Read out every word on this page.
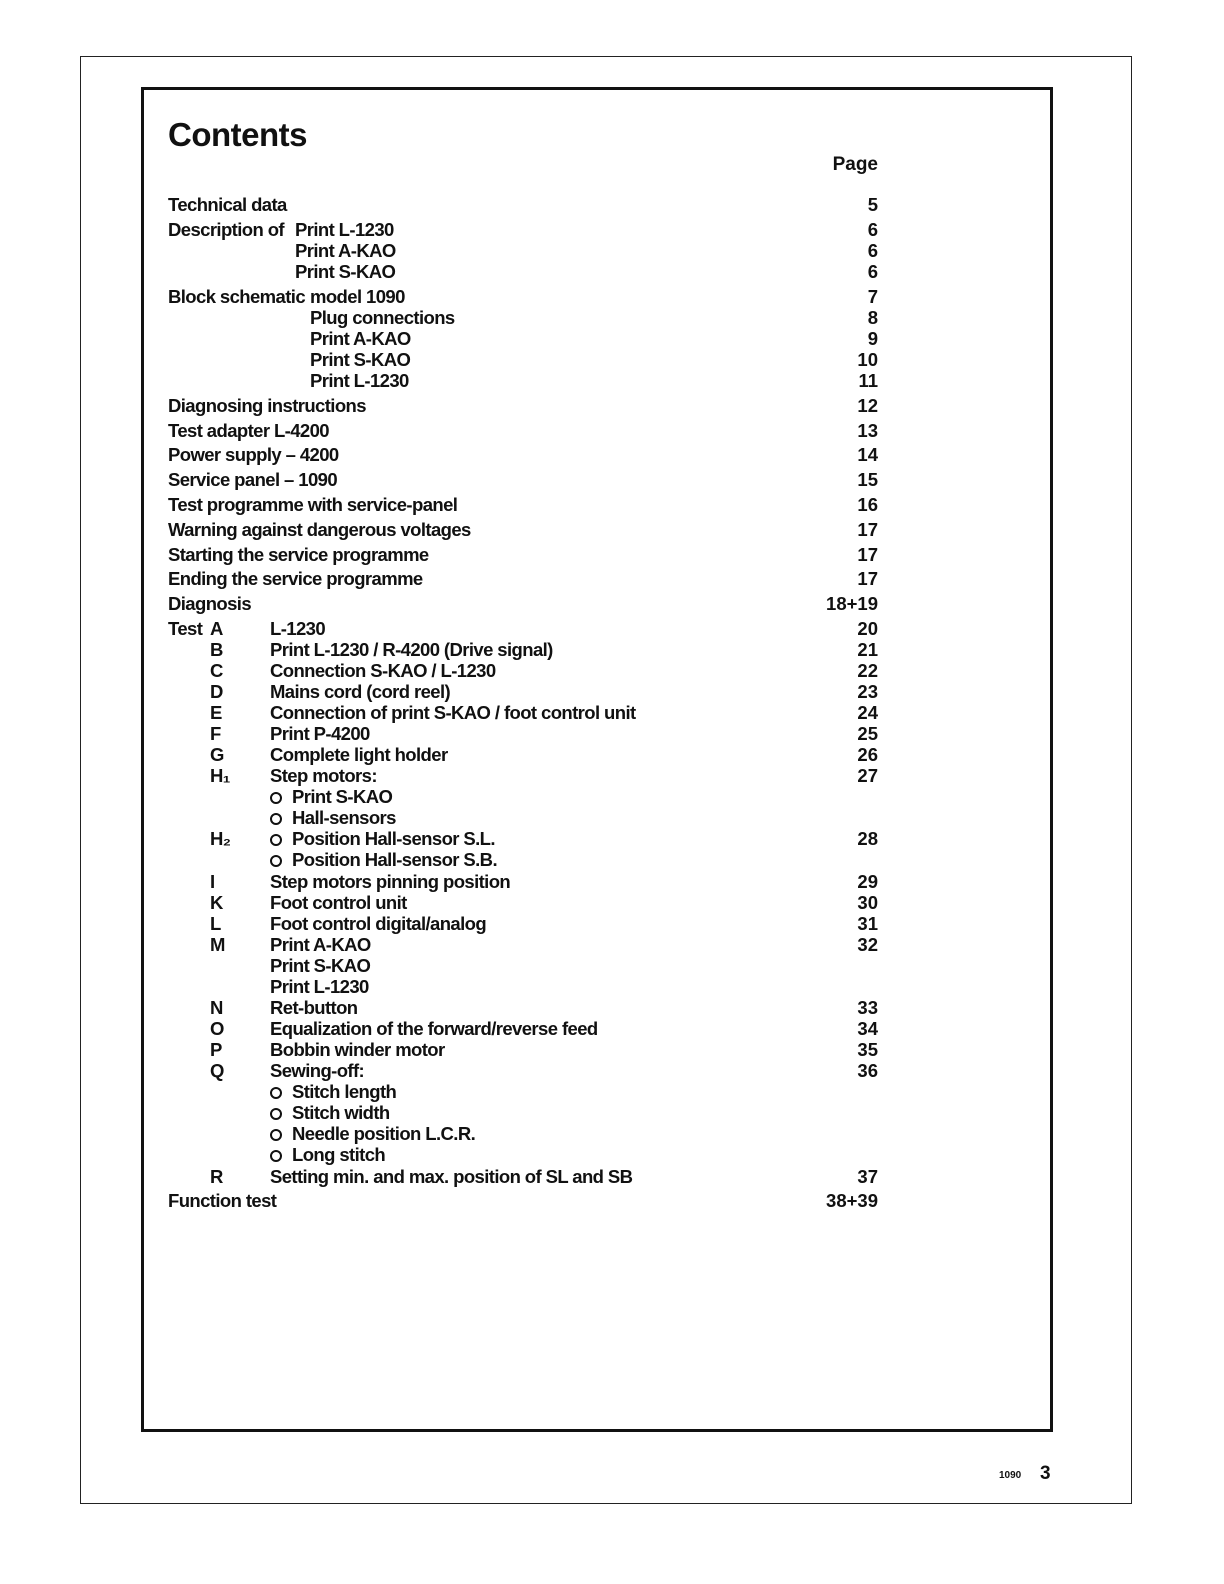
Contents
Page
Technical data	5
Description of Print L-1230	6
Print A-KAO	6
Print S-KAO	6
Block schematic model 1090	7
Plug connections	8
Print A-KAO	9
Print S-KAO	10
Print L-1230	11
Diagnosing instructions	12
Test adapter L-4200	13
Power supply – 4200	14
Service panel – 1090	15
Test programme with service-panel	16
Warning against dangerous voltages	17
Starting the service programme	17
Ending the service programme	17
Diagnosis	18+19
Test A	L-1230	20
B	Print L-1230 / R-4200 (Drive signal)	21
C	Connection S-KAO / L-1230	22
D	Mains cord (cord reel)	23
E	Connection of print S-KAO / foot control unit	24
F	Print P-4200	25
G Complete light holder	26
H₁ Step motors:	27
Print S-KAO
Hall-sensors
H₂	Position Hall-sensor S.L.	28
Position Hall-sensor S.B.
I	Step motors pinning position	29
K	Foot control unit	30
L	Foot control digital/analog	31
M Print A-KAO	32
Print S-KAO
Print L-1230
N	Ret-button	33
O Equalization of the forward/reverse feed	34
P	Bobbin winder motor	35
Q Sewing-off:	36
Stitch length
Stitch width
Needle position L.C.R.
Long stitch
R	Setting min. and max. position of SL and SB	37
Function test	38+39
1090 3
